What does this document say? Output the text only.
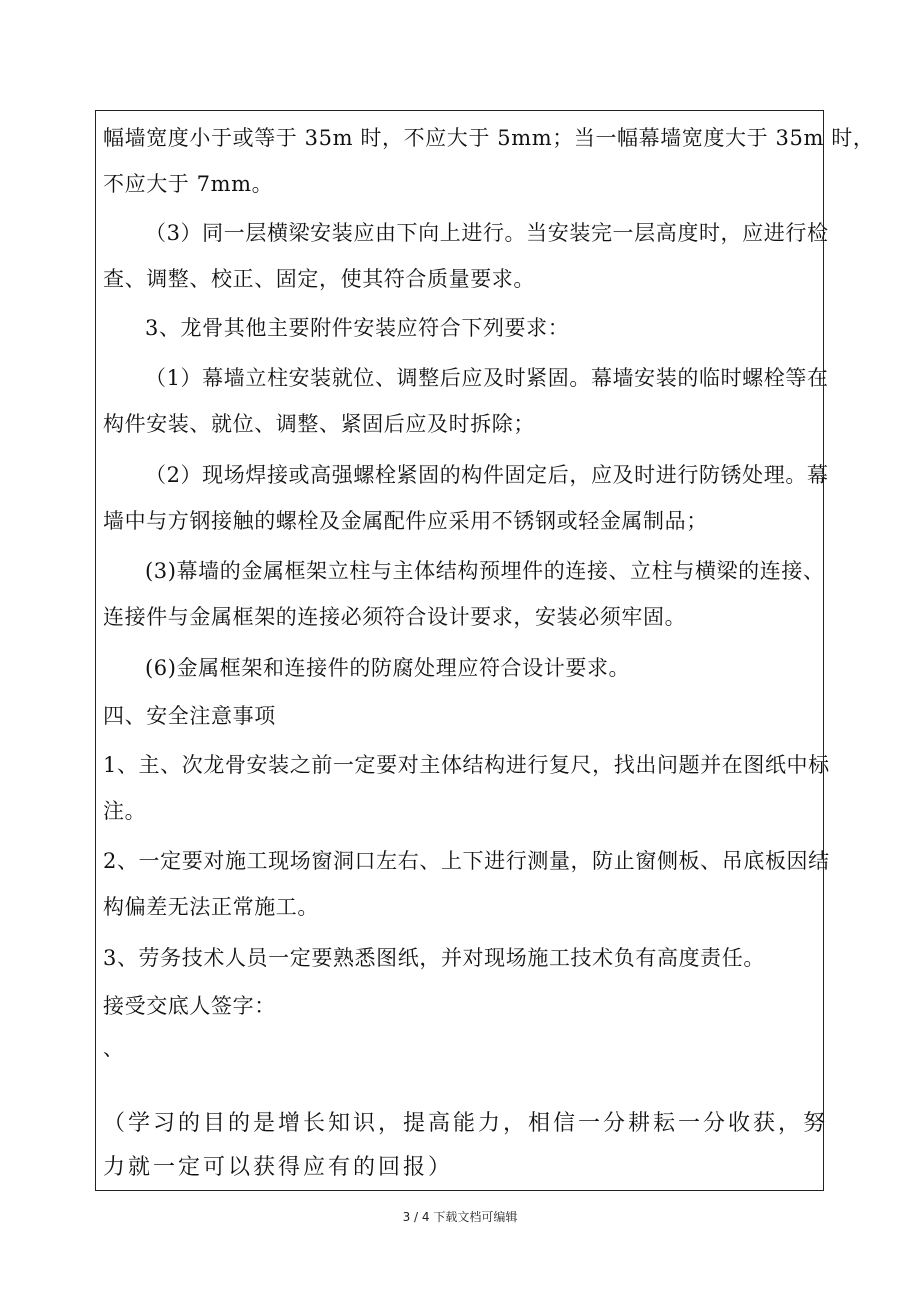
幅墙宽度小于或等于 35m 时，不应大于 5mm；当一幅幕墙宽度大于 35m 时，
不应大于 7mm。
（3）同一层横梁安装应由下向上进行。当安装完一层高度时，应进行检
查、调整、校正、固定，使其符合质量要求。
3、龙骨其他主要附件安装应符合下列要求：
（1）幕墙立柱安装就位、调整后应及时紧固。幕墙安装的临时螺栓等在
构件安装、就位、调整、紧固后应及时拆除；
（2）现场焊接或高强螺栓紧固的构件固定后，应及时进行防锈处理。幕
墙中与方钢接触的螺栓及金属配件应采用不锈钢或轻金属制品；
(3)幕墙的金属框架立柱与主体结构预埋件的连接、立柱与横梁的连接、
连接件与金属框架的连接必须符合设计要求，安装必须牢固。
(6)金属框架和连接件的防腐处理应符合设计要求。
四、安全注意事项
1、主、次龙骨安装之前一定要对主体结构进行复尺，找出问题并在图纸中标
注。
2、一定要对施工现场窗洞口左右、上下进行测量，防止窗侧板、吊底板因结
构偏差无法正常施工。
3、劳务技术人员一定要熟悉图纸，并对现场施工技术负有高度责任。
接受交底人签字：
、
（学习的目的是增长知识，提高能力，相信一分耕耘一分收获，努
力就一定可以获得应有的回报）
3 / 4 下载文档可编辑
